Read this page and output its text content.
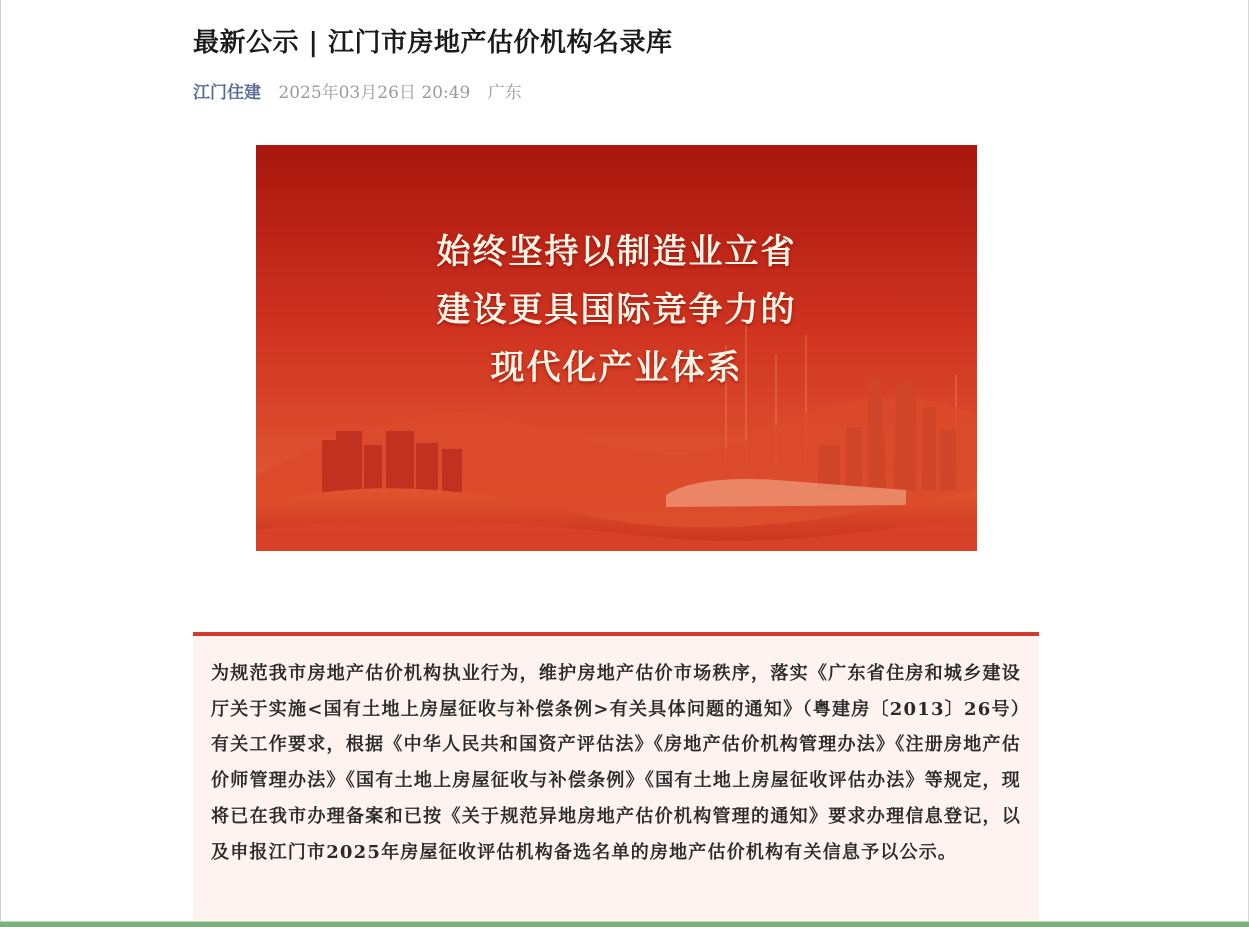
最新公示 | 江门市房地产估价机构名录库
江门住建 2025年03月26日 20:49 广东
始终坚持以制造业立省
建设更具国际竞争力的
现代化产业体系
为规范我市房地产估价机构执业行为，维护房地产估价市场秩序，落实《广东省住房和城乡建设厅关于实施<国有土地上房屋征收与补偿条例>有关具体问题的通知》（粤建房〔2013〕26号）有关工作要求，根据《中华人民共和国资产评估法》《房地产估价机构管理办法》《注册房地产估价师管理办法》《国有土地上房屋征收与补偿条例》《国有土地上房屋征收评估办法》等规定，现将已在我市办理备案和已按《关于规范异地房地产估价机构管理的通知》要求办理信息登记，以及申报江门市2025年房屋征收评估机构备选名单的房地产估价机构有关信息予以公示。
